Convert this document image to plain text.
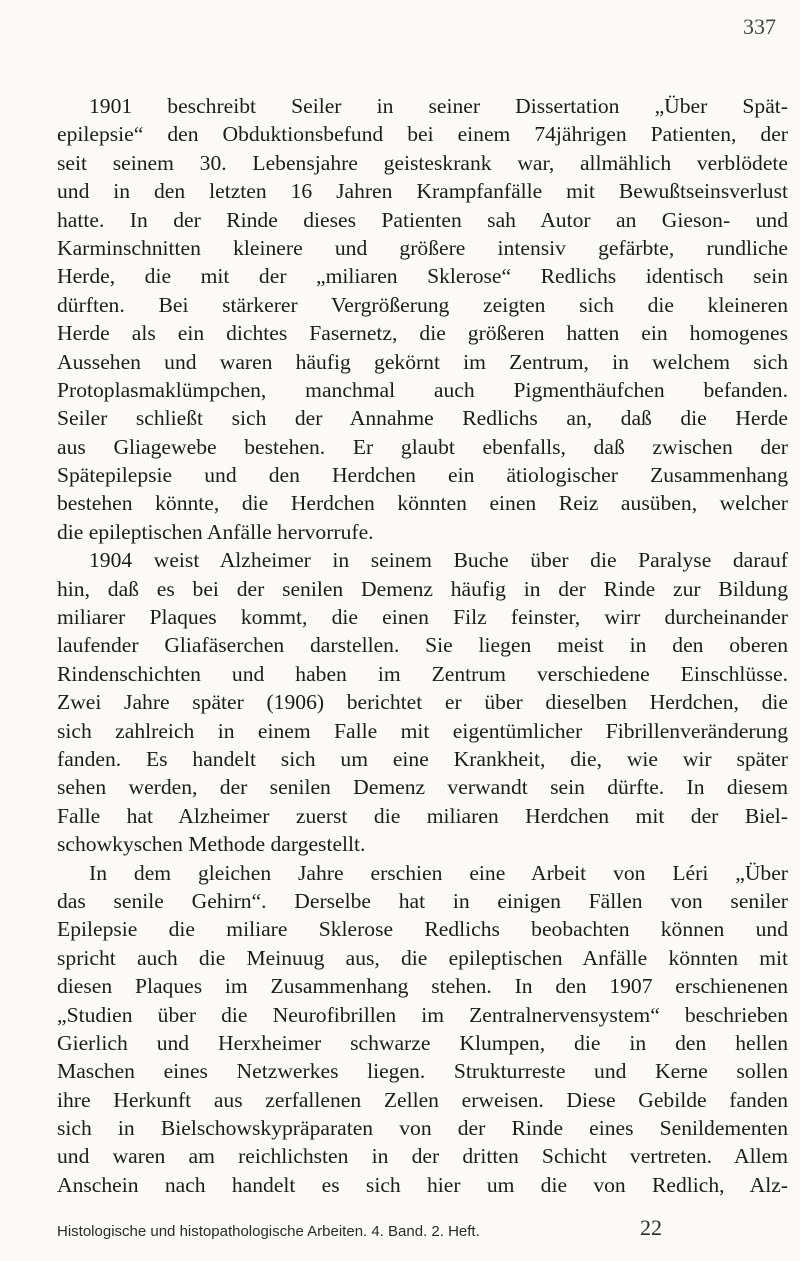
337
1901 beschreibt Seiler in seiner Dissertation „Über Spät-
epilepsie“ den Obduktionsbefund bei einem 74jährigen Patienten, der
seit seinem 30. Lebensjahre geisteskrank war, allmählich verblödete
und in den letzten 16 Jahren Krampfanfälle mit Bewußtseinsverlust
hatte. In der Rinde dieses Patienten sah Autor an Gieson- und
Karminschnitten kleinere und größere intensiv gefärbte, rundliche
Herde, die mit der „miliaren Sklerose“ Redlichs identisch sein
dürften. Bei stärkerer Vergrößerung zeigten sich die kleineren
Herde als ein dichtes Fasernetz, die größeren hatten ein homogenes
Aussehen und waren häufig gekörnt im Zentrum, in welchem sich
Protoplasmaklümpchen, manchmal auch Pigmenthäufchen befanden.
Seiler schließt sich der Annahme Redlichs an, daß die Herde
aus Gliagewebe bestehen. Er glaubt ebenfalls, daß zwischen der
Spätepilepsie und den Herdchen ein ätiologischer Zusammenhang
bestehen könnte, die Herdchen könnten einen Reiz ausüben, welcher
die epileptischen Anfälle hervorrufe.
1904 weist Alzheimer in seinem Buche über die Paralyse darauf
hin, daß es bei der senilen Demenz häufig in der Rinde zur Bildung
miliarer Plaques kommt, die einen Filz feinster, wirr durcheinander
laufender Gliafäserchen darstellen. Sie liegen meist in den oberen
Rindenschichten und haben im Zentrum verschiedene Einschlüsse.
Zwei Jahre später (1906) berichtet er über dieselben Herdchen, die
sich zahlreich in einem Falle mit eigentümlicher Fibrillenveränderung
fanden. Es handelt sich um eine Krankheit, die, wie wir später
sehen werden, der senilen Demenz verwandt sein dürfte. In diesem
Falle hat Alzheimer zuerst die miliaren Herdchen mit der Biel-
schowkyschen Methode dargestellt.
In dem gleichen Jahre erschien eine Arbeit von Léri „Über
das senile Gehirn“. Derselbe hat in einigen Fällen von seniler
Epilepsie die miliare Sklerose Redlichs beobachten können und
spricht auch die Meinuug aus, die epileptischen Anfälle könnten mit
diesen Plaques im Zusammenhang stehen. In den 1907 erschienenen
„Studien über die Neurofibrillen im Zentralnervensystem“ beschrieben
Gierlich und Herxheimer schwarze Klumpen, die in den hellen
Maschen eines Netzwerkes liegen. Strukturreste und Kerne sollen
ihre Herkunft aus zerfallenen Zellen erweisen. Diese Gebilde fanden
sich in Bielschowskypräparaten von der Rinde eines Senildementen
und waren am reichlichsten in der dritten Schicht vertreten. Allem
Anschein nach handelt es sich hier um die von Redlich, Alz-
Histologische und histopathologische Arbeiten. 4. Band. 2. Heft.	22
